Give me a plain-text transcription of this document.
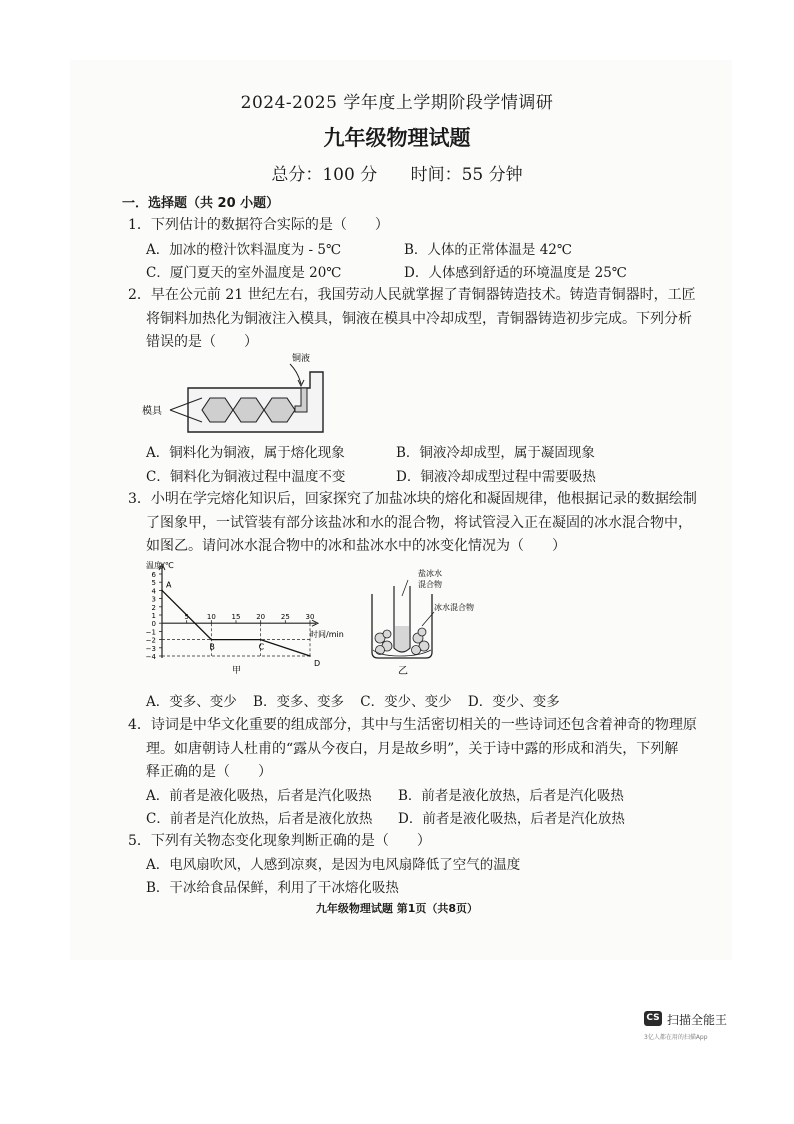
2024-2025 学年度上学期阶段学情调研
九年级物理试题
总分：100 分 时间：55 分钟
一．选择题（共 20 小题）
1．下列估计的数据符合实际的是（　　）
A．加冰的橙汁饮料温度为 - 5℃	B．人体的正常体温是 42℃
C．厦门夏天的室外温度是 20℃	D．人体感到舒适的环境温度是 25℃
2．早在公元前 21 世纪左右，我国劳动人民就掌握了青铜器铸造技术。铸造青铜器时，工匠
将铜料加热化为铜液注入模具，铜液在模具中冷却成型，青铜器铸造初步完成。下列分析
错误的是（　　）
铜液
模具
A．铜料化为铜液，属于熔化现象	B．铜液冷却成型，属于凝固现象
C．铜料化为铜液过程中温度不变	D．铜液冷却成型过程中需要吸热
3．小明在学完熔化知识后，回家探究了加盐冰块的熔化和凝固规律，他根据记录的数据绘制
了图象甲，一试管装有部分该盐冰和水的混合物，将试管浸入正在凝固的冰水混合物中，
如图乙。请问冰水混合物中的冰和盐冰水中的冰变化情况为（　　）
温度/℃
时间/min
甲
6
5
4
3
2
1
0
−1
−2
−3
−4
5	10 15 20 25 30
A
B	C
D
盐冰水
混合物
冰水混合物
乙
A．变多、变少 B．变多、变多 C．变少、变少 D．变少、变多
4．诗词是中华文化重要的组成部分，其中与生活密切相关的一些诗词还包含着神奇的物理原
理。如唐朝诗人杜甫的“露从今夜白，月是故乡明”，关于诗中露的形成和消失，下列解
释正确的是（　　）
A．前者是液化吸热，后者是汽化吸热 B．前者是液化放热，后者是汽化吸热
C．前者是汽化放热，后者是液化放热 D．前者是液化吸热，后者是汽化放热
5．下列有关物态变化现象判断正确的是（　　）
A．电风扇吹风，人感到凉爽，是因为电风扇降低了空气的温度
B．干冰给食品保鲜，利用了干冰熔化吸热
九年级物理试题 第1页（共8页）
CS 扫描全能王
3亿人都在用的扫描App
